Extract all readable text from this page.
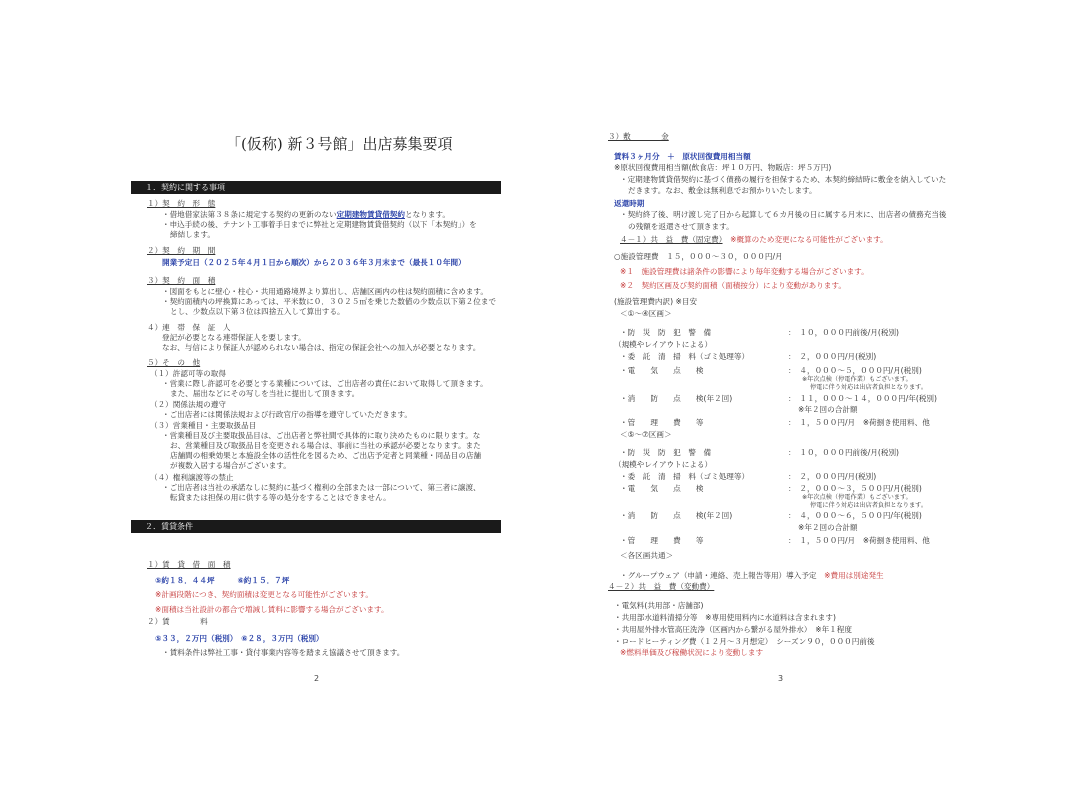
「(仮称) 新３号館」出店募集要項
１．契約に関する事項
１）契　約　形　態
・借地借家法第３８条に規定する契約の更新のない定期建物賃貸借契約となります。
・申込手続の後、テナント工事着手日までに弊社と定期建物賃貸借契約（以下「本契約」）を
締結します。
２）契　約　期　間
開業予定日（２０２５年４月１日から順次）から２０３６年３月末まで（最長１０年間）
３）契　約　面　積
・図面をもとに壁心・柱心・共用通路境界より算出し、店舗区画内の柱は契約面積に含めます。
・契約面積内の坪換算にあっては、平米数に０．３０２５㎡を乗じた数値の少数点以下第２位まで
とし、少数点以下第３位は四捨五入して算出する。
４）連　帯　保　証　人
登記が必要となる連帯保証人を要します。
なお、与信により保証人が認められない場合は、指定の保証会社への加入が必要となります。
５）そ　の　他
（１）許認可等の取得
・営業に際し許認可を必要とする業種については、ご出店者の責任において取得して頂きます。
また、届出などにその写しを当社に提出して頂きます。
（２）関係法規の遵守
・ご出店者には関係法規および行政官庁の指導を遵守していただきます。
（３）営業種目・主要取扱品目
・営業種目及び主要取扱品目は、ご出店者と弊社間で具体的に取り決めたものに限ります。な
お、営業種目及び取扱品目を変更される場合は、事前に当社の承認が必要となります。また
店舗間の相乗効果と本施設全体の活性化を図るため、ご出店予定者と同業種・同品目の店舗
が複数入居する場合がございます。
（４）権利譲渡等の禁止
・ご出店者は当社の承諾なしに契約に基づく権利の全部または一部について、第三者に譲渡、
転貸または担保の用に供する等の処分をすることはできません。
２．賃貸条件
１）賃　貸　借　面　積
⑤約１８．４４坪　　　⑥約１５．７坪
※計画段階につき、契約面積は変更となる可能性がございます。
※面積は当社設計の都合で増減し賃料に影響する場合がございます。
２）賃　　　　料
⑤３３，２万円（税別）　⑥２８，３万円（税別）
・賃料条件は弊社工事・貸付事業内容等を踏まえ協議させて頂きます。
2
３）敷　　　　金
賃料３ヶ月分　＋　原状回復費用相当額
※原状回復費用相当額(飲食店：坪１０万円、物販店：坪５万円)
・定期建物賃貸借契約に基づく債務の履行を担保するため、本契約締結時に敷金を納入していた
だきます。なお、敷金は無利息でお預かりいたします。
返還時期
・契約終了後、明け渡し完了日から起算して６カ月後の日に属する月末に、出店者の債務充当後
の残額を返還させて頂きます。
４－１）共　益　費（固定費）　 ※概算のため変更になる可能性がございます。
○施設管理費　１５，０００～３０，０００円/月
※１　施設管理費は諸条件の影響により毎年変動する場合がございます。
※２　契約区画及び契約面積（面積按分）により変動があります。
(施設管理費内訳) ※目安
＜①～④区画＞
・防　災　防　犯　警　備	：　１０，０００円前後/月(税別)
（規模やレイアウトによる）
・委　託　清　掃　料（ゴミ処理等）	：　２，０００円/月(税別)
・電　　気　　点　　検	：　４，０００～５，０００円/月(税別)
※年次点検（停電作業）もございます。
停電に伴う対応は出店者負担となります。
・消　　防　　点　　検(年２回)	：　１１，０００～１４，０００円/年(税別)
※年２回の合計額
・管　　理　　費　　等	：　１，５００円/月　※荷捌き使用料、他
＜⑤～⑦区画＞
・防　災　防　犯　警　備	：　１０，０００円前後/月(税別)
（規模やレイアウトによる）
・委　託　清　掃　料（ゴミ処理等）	：　２，０００円/月(税別)
・電　　気　　点　　検	：　２，０００～３，５００円/月(税別)
※年次点検（停電作業）もございます。
停電に伴う対応は出店者負担となります。
・消　　防　　点　　検(年２回)	：　４，０００～６，５００円/年(税別)
※年２回の合計額
・管　　理　　費　　等	：　１，５００円/月　※荷捌き使用料、他
＜各区画共通＞
・グループウェア（申請・連絡、売上報告等用）導入予定　 ※費用は別途発生
４－２）共　益　費（変動費）
・電気料(共用部・店舗部)
・共用部水道料清掃分等　※専用使用料内に水道料は含まれます)
・共用屋外排水管高圧洗浄（区画内から繋がる屋外排水）　※年１程度
・ロードヒーティング費（１２月～３月想定）　シーズン９０，０００円前後
※燃料単価及び稼働状況により変動します
3
